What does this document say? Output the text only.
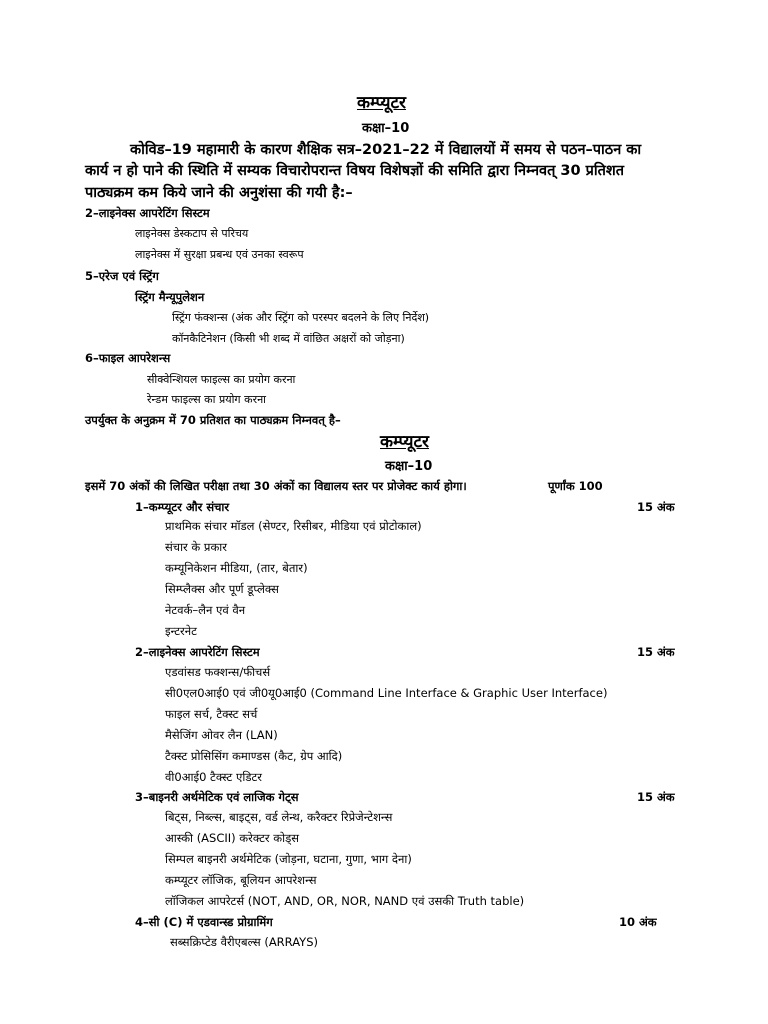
कम्प्यूटर
कक्षा–10
कोविड–19 महामारी के कारण शैक्षिक सत्र–2021–22 में विद्यालयों में समय से पठन–पाठन का
कार्य न हो पाने की स्थिति में सम्यक विचारोपरान्त विषय विशेषज्ञों की समिति द्वारा निम्नवत् 30 प्रतिशत
पाठ्यक्रम कम किये जाने की अनुशंसा की गयी है:–
2–लाइनेक्स आपरेटिंग सिस्टम
लाइनेक्स डेस्कटाप से परिचय
लाइनेक्स में सुरक्षा प्रबन्ध एवं उनका स्वरूप
5–एरेज एवं स्ट्रिंग
स्ट्रिंग मैन्यूपुलेशन
स्ट्रिंग फंक्शन्स (अंक और स्ट्रिंग को परस्पर बदलने के लिए निर्देश)
कॉनकैटिनेशन (किसी भी शब्द में वांछित अक्षरों को जोड़ना)
6–फाइल आपरेशन्स
सीक्वेन्शियल फाइल्स का प्रयोग करना
रेन्डम फाइल्स का प्रयोग करना
उपर्युक्त के अनुक्रम में 70 प्रतिशत का पाठ्यक्रम निम्नवत् है–
कम्प्यूटर
कक्षा–10
इसमें 70 अंकों की लिखित परीक्षा तथा 30 अंकों का विद्यालय स्तर पर प्रोजेक्ट कार्य होगा।	पूर्णांक 100
1–कम्प्यूटर और संचार	15 अंक
प्राथमिक संचार मॉडल (सेण्टर, रिसीबर, मीडिया एवं प्रोटोकाल)
संचार के प्रकार
कम्यूनिकेशन मीडिया, (तार, बेतार)
सिम्प्लैक्स और पूर्ण डूप्लेक्स
नेटवर्क–लैन एवं वैन
इन्टरनेट
2–लाइनेक्स आपरेटिंग सिस्टम	15 अंक
एडवांसड फक्शन्स/फीचर्स
सी0एल0आई0 एवं जी0यू0आई0 (Command Line Interface & Graphic User Interface)
फाइल सर्च, टैक्स्ट सर्च
मैसेजिंग ओवर लैन (LAN)
टैक्स्ट प्रोसिसिंग कमाण्डस (कैट, ग्रेप आदि)
वी0आई0 टैक्स्ट एडिटर
3–बाइनरी अर्थमेटिक एवं लाजिक गेट्स	15 अंक
बिट्स, निब्ल्स, बाइट्स, वर्ड लेन्थ, करैक्टर रिप्रेजेन्टेशन्स
आस्की (ASCII) करेक्टर कोड्स
सिम्पल बाइनरी अर्थमेटिक (जोड़ना, घटाना, गुणा, भाग देना)
कम्प्यूटर लॉजिक, बूलियन आपरेशन्स
लॉजिकल आपरेटर्स (NOT, AND, OR, NOR, NAND एवं उसकी Truth table)
4–सी (C) में एडवान्स्ड प्रोग्रामिंग	10 अंक
सब्सक्रिप्टेड वैरीएबल्स (ARRAYS)
